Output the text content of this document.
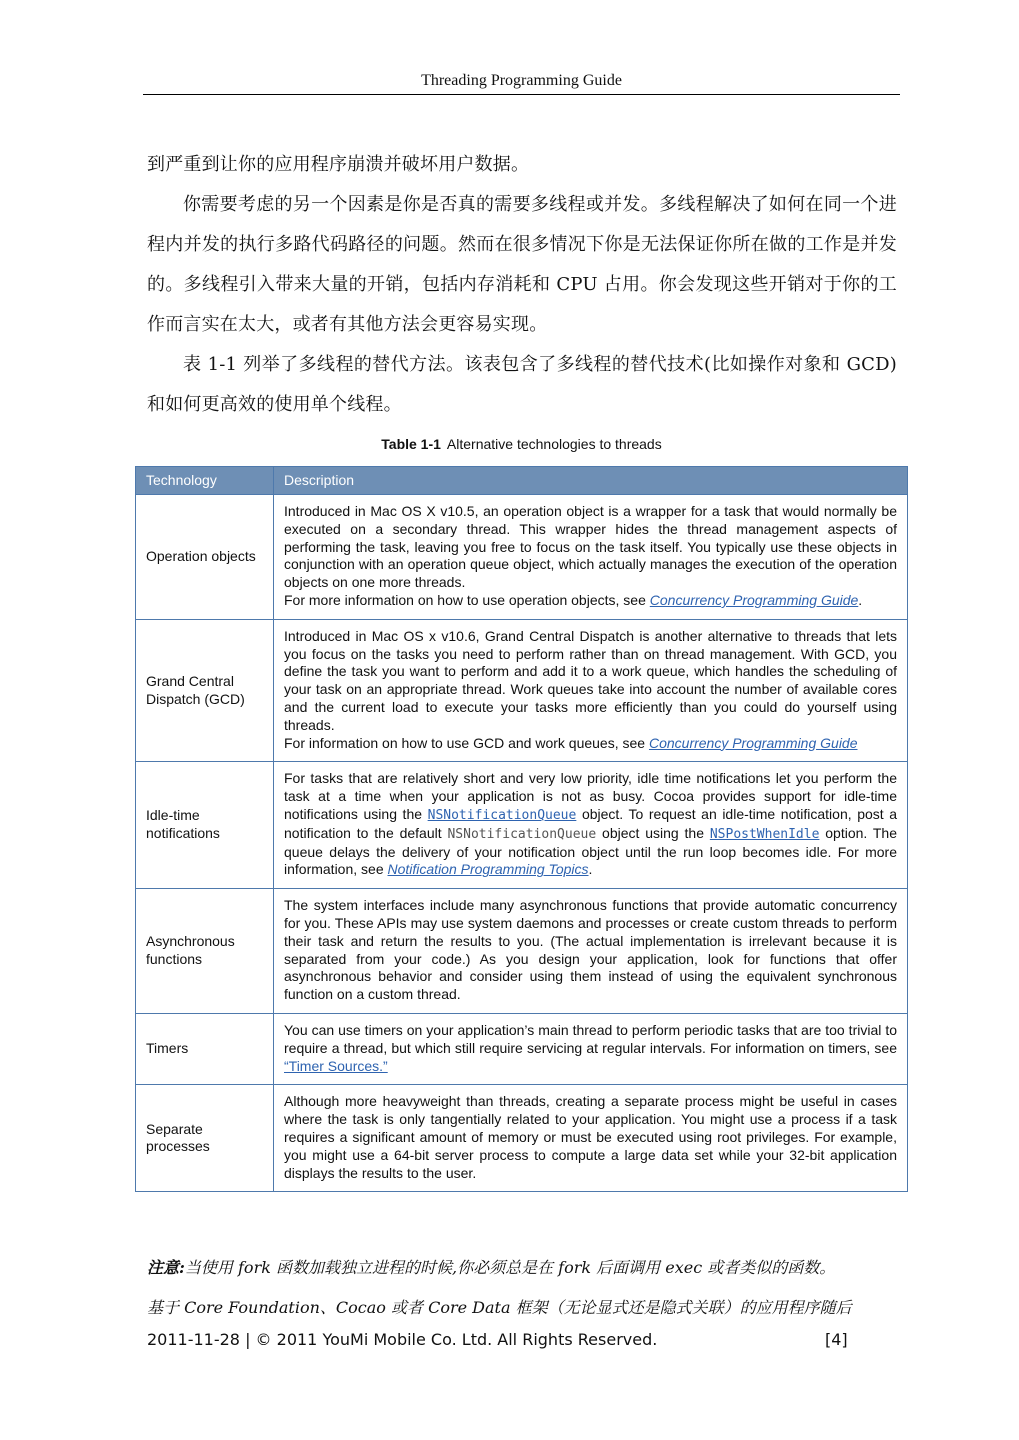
Threading Programming Guide

到严重到让你的应用程序崩溃并破坏用户数据。

你需要考虑的另一个因素是你是否真的需要多线程或并发。多线程解决了如何在同一个进程内并发的执行多路代码路径的问题。然而在很多情况下你是无法保证你所在做的工作是并发的。多线程引入带来大量的开销，包括内存消耗和 CPU 占用。你会发现这些开销对于你的工作而言实在太大，或者有其他方法会更容易实现。

表 1-1 列举了多线程的替代方法。该表包含了多线程的替代技术(比如操作对象和 GCD)和如何更高效的使用单个线程。

Table 1-1 Alternative technologies to threads
Technology	Description
Operation objects	Introduced in Mac OS X v10.5, an operation object is a wrapper for a task that would normally be executed on a secondary thread. This wrapper hides the thread management aspects of performing the task, leaving you free to focus on the task itself. You typically use these objects in conjunction with an operation queue object, which actually manages the execution of the operation objects on one more threads.
For more information on how to use operation objects, see Concurrency Programming Guide.

Grand Central Dispatch (GCD)	Introduced in Mac OS x v10.6, Grand Central Dispatch is another alternative to threads that lets you focus on the tasks you need to perform rather than on thread management. With GCD, you define the task you want to perform and add it to a work queue, which handles the scheduling of your task on an appropriate thread. Work queues take into account the number of available cores and the current load to execute your tasks more efficiently than you could do yourself using threads.
For information on how to use GCD and work queues, see Concurrency Programming Guide

Idle-time notifications	For tasks that are relatively short and very low priority, idle time notifications let you perform the task at a time when your application is not as busy. Cocoa provides support for idle-time notifications using the NSNotificationQueue object. To request an idle-time notification, post a notification to the default NSNotificationQueue object using the NSPostWhenIdle option. The queue delays the delivery of your notification object until the run loop becomes idle. For more information, see Notification Programming Topics.

Asynchronous functions	The system interfaces include many asynchronous functions that provide automatic concurrency for you. These APIs may use system daemons and processes or create custom threads to perform their task and return the results to you. (The actual implementation is irrelevant because it is separated from your code.) As you design your application, look for functions that offer asynchronous behavior and consider using them instead of using the equivalent synchronous function on a custom thread.

Timers	You can use timers on your application’s main thread to perform periodic tasks that are too trivial to require a thread, but which still require servicing at regular intervals. For information on timers, see “Timer Sources.”

Separate processes	Although more heavyweight than threads, creating a separate process might be useful in cases where the task is only tangentially related to your application. You might use a process if a task requires a significant amount of memory or must be executed using root privileges. For example, you might use a 64-bit server process to compute a large data set while your 32-bit application displays the results to the user.

注意:当使用 fork 函数加载独立进程的时候,你必须总是在 fork 后面调用 exec 或者类似的函数。

基于 Core Foundation、Cocao 或者 Core Data 框架（无论显式还是隐式关联）的应用程序随后

2011-11-28 | © 2011 YouMi Mobile Co. Ltd. All Rights Reserved.	[4]
